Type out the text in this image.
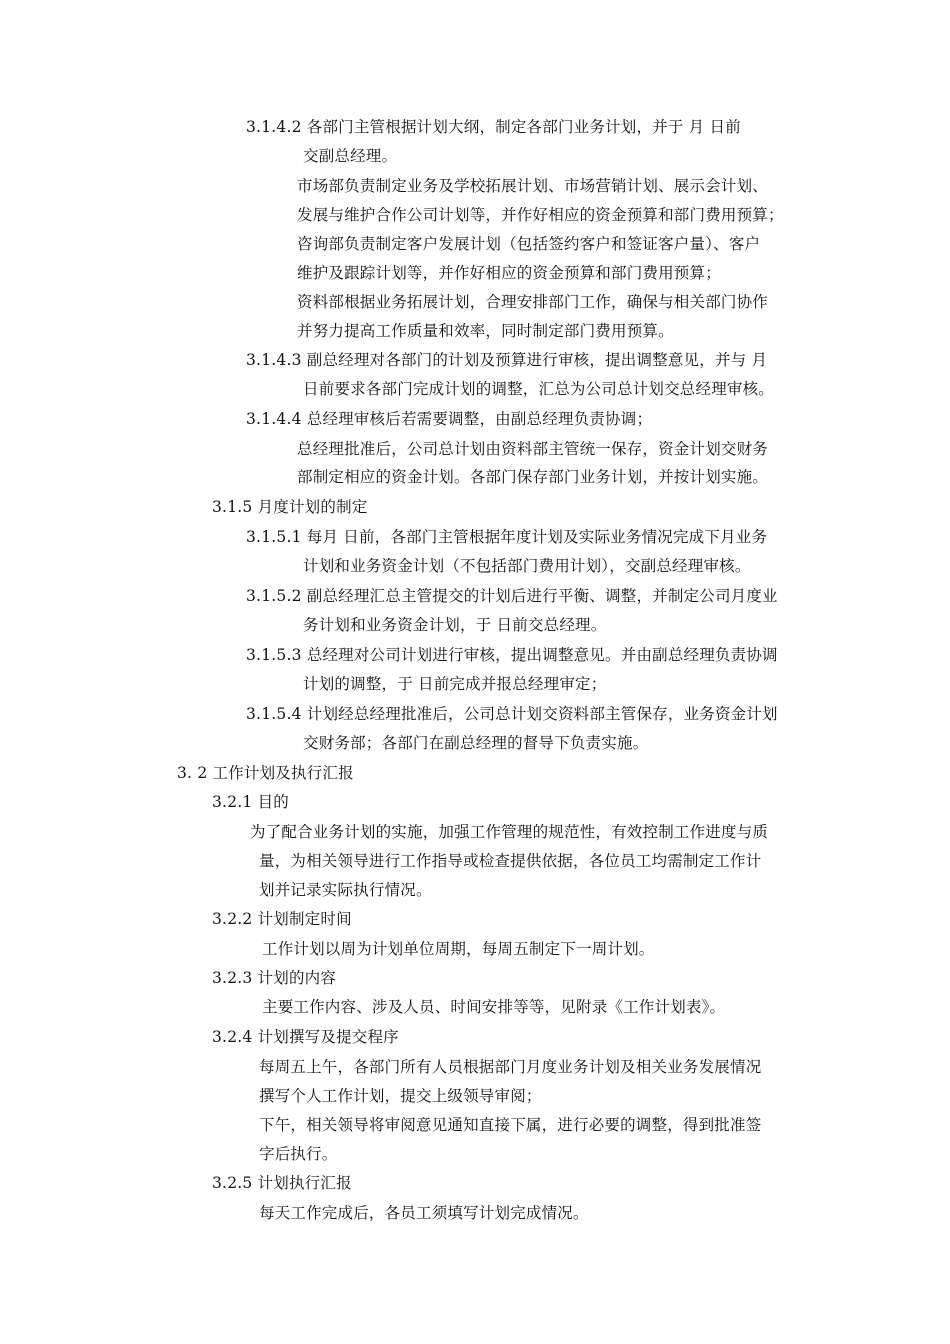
3.1.4.2 各部门主管根据计划大纲，制定各部门业务计划，并于 月 日前
交副总经理。
市场部负责制定业务及学校拓展计划、市场营销计划、展示会计划、
发展与维护合作公司计划等，并作好相应的资金预算和部门费用预算；
咨询部负责制定客户发展计划（包括签约客户和签证客户量）、客户
维护及跟踪计划等，并作好相应的资金预算和部门费用预算；
资料部根据业务拓展计划，合理安排部门工作，确保与相关部门协作
并努力提高工作质量和效率，同时制定部门费用预算。
3.1.4.3 副总经理对各部门的计划及预算进行审核，提出调整意见，并与 月
日前要求各部门完成计划的调整，汇总为公司总计划交总经理审核。
3.1.4.4 总经理审核后若需要调整，由副总经理负责协调；
总经理批准后，公司总计划由资料部主管统一保存，资金计划交财务
部制定相应的资金计划。各部门保存部门业务计划，并按计划实施。
3.1.5 月度计划的制定
3.1.5.1 每月 日前，各部门主管根据年度计划及实际业务情况完成下月业务
计划和业务资金计划（不包括部门费用计划），交副总经理审核。
3.1.5.2 副总经理汇总主管提交的计划后进行平衡、调整，并制定公司月度业
务计划和业务资金计划，于 日前交总经理。
3.1.5.3 总经理对公司计划进行审核，提出调整意见。并由副总经理负责协调
计划的调整，于 日前完成并报总经理审定；
3.1.5.4 计划经总经理批准后，公司总计划交资料部主管保存，业务资金计划
交财务部；各部门在副总经理的督导下负责实施。
3. 2 工作计划及执行汇报
3.2.1 目的
为了配合业务计划的实施，加强工作管理的规范性，有效控制工作进度与质
量，为相关领导进行工作指导或检查提供依据，各位员工均需制定工作计
划并记录实际执行情况。
3.2.2 计划制定时间
工作计划以周为计划单位周期，每周五制定下一周计划。
3.2.3 计划的内容
主要工作内容、涉及人员、时间安排等等，见附录《工作计划表》。
3.2.4 计划撰写及提交程序
每周五上午，各部门所有人员根据部门月度业务计划及相关业务发展情况
撰写个人工作计划，提交上级领导审阅；
下午，相关领导将审阅意见通知直接下属，进行必要的调整，得到批准签
字后执行。
3.2.5 计划执行汇报
每天工作完成后，各员工须填写计划完成情况。
